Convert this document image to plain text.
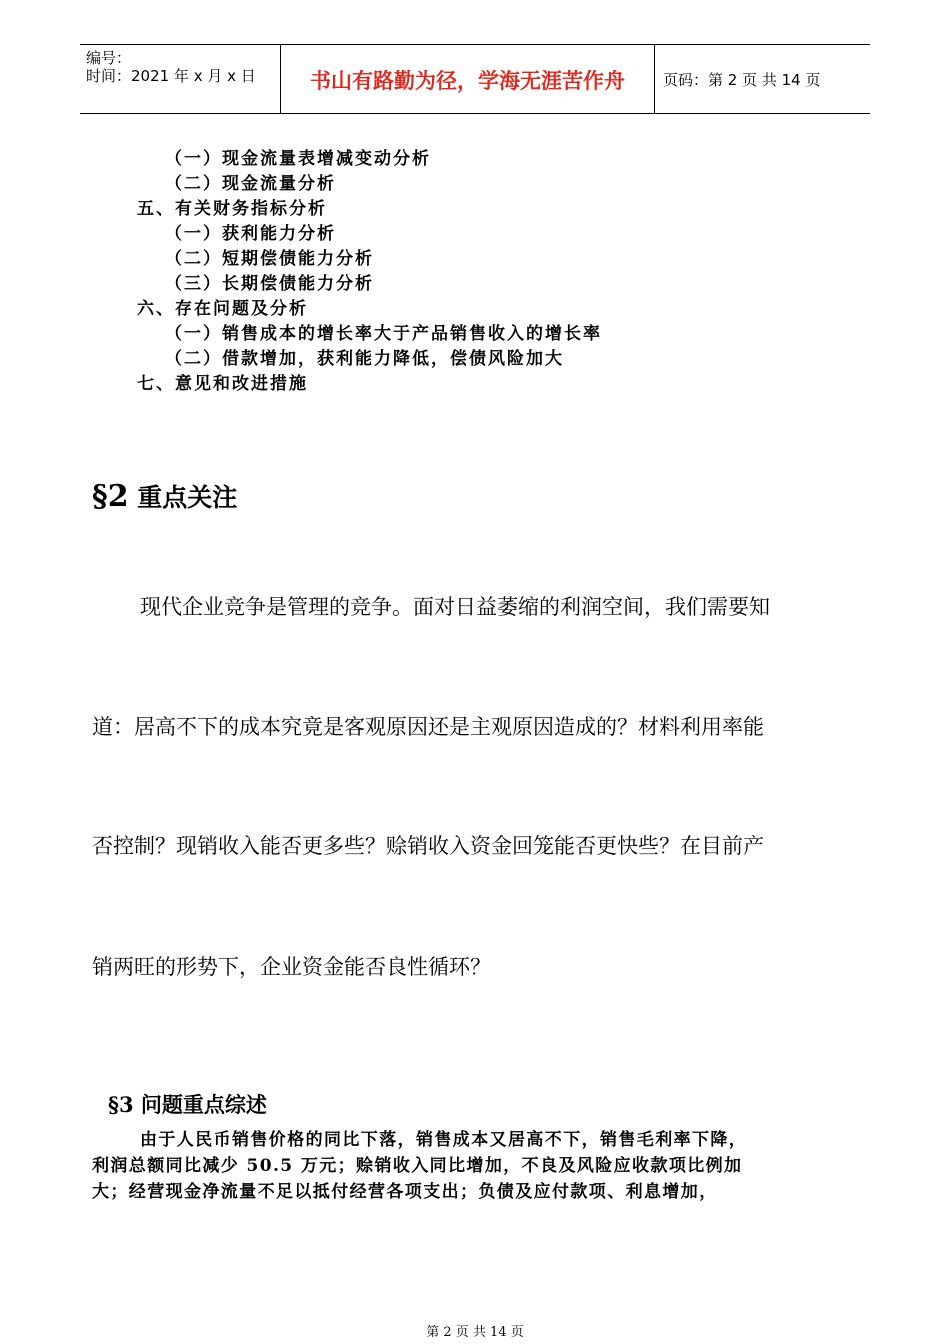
编号：
时间：2021 年 x 月 x 日	书山有路勤为径，学海无涯苦作舟	页码：第 2 页 共 14 页
（一）现金流量表增减变动分析
（二）现金流量分析
五、有关财务指标分析
（一）获利能力分析
（二）短期偿债能力分析
（三）长期偿债能力分析
六、存在问题及分析
（一）销售成本的增长率大于产品销售收入的增长率
（二）借款增加，获利能力降低，偿债风险加大
七、意见和改进措施
§2 重点关注
现代企业竞争是管理的竞争。面对日益萎缩的利润空间，我们需要知
道：居高不下的成本究竟是客观原因还是主观原因造成的？材料利用率能
否控制？现销收入能否更多些？赊销收入资金回笼能否更快些？在目前产
销两旺的形势下，企业资金能否良性循环？
§3 问题重点综述
由于人民币销售价格的同比下落，销售成本又居高不下，销售毛利率下降，
利润总额同比减少 50.5 万元；赊销收入同比增加，不良及风险应收款项比例加
大；经营现金净流量不足以抵付经营各项支出；负债及应付款项、利息增加，
第 2 页 共 14 页
